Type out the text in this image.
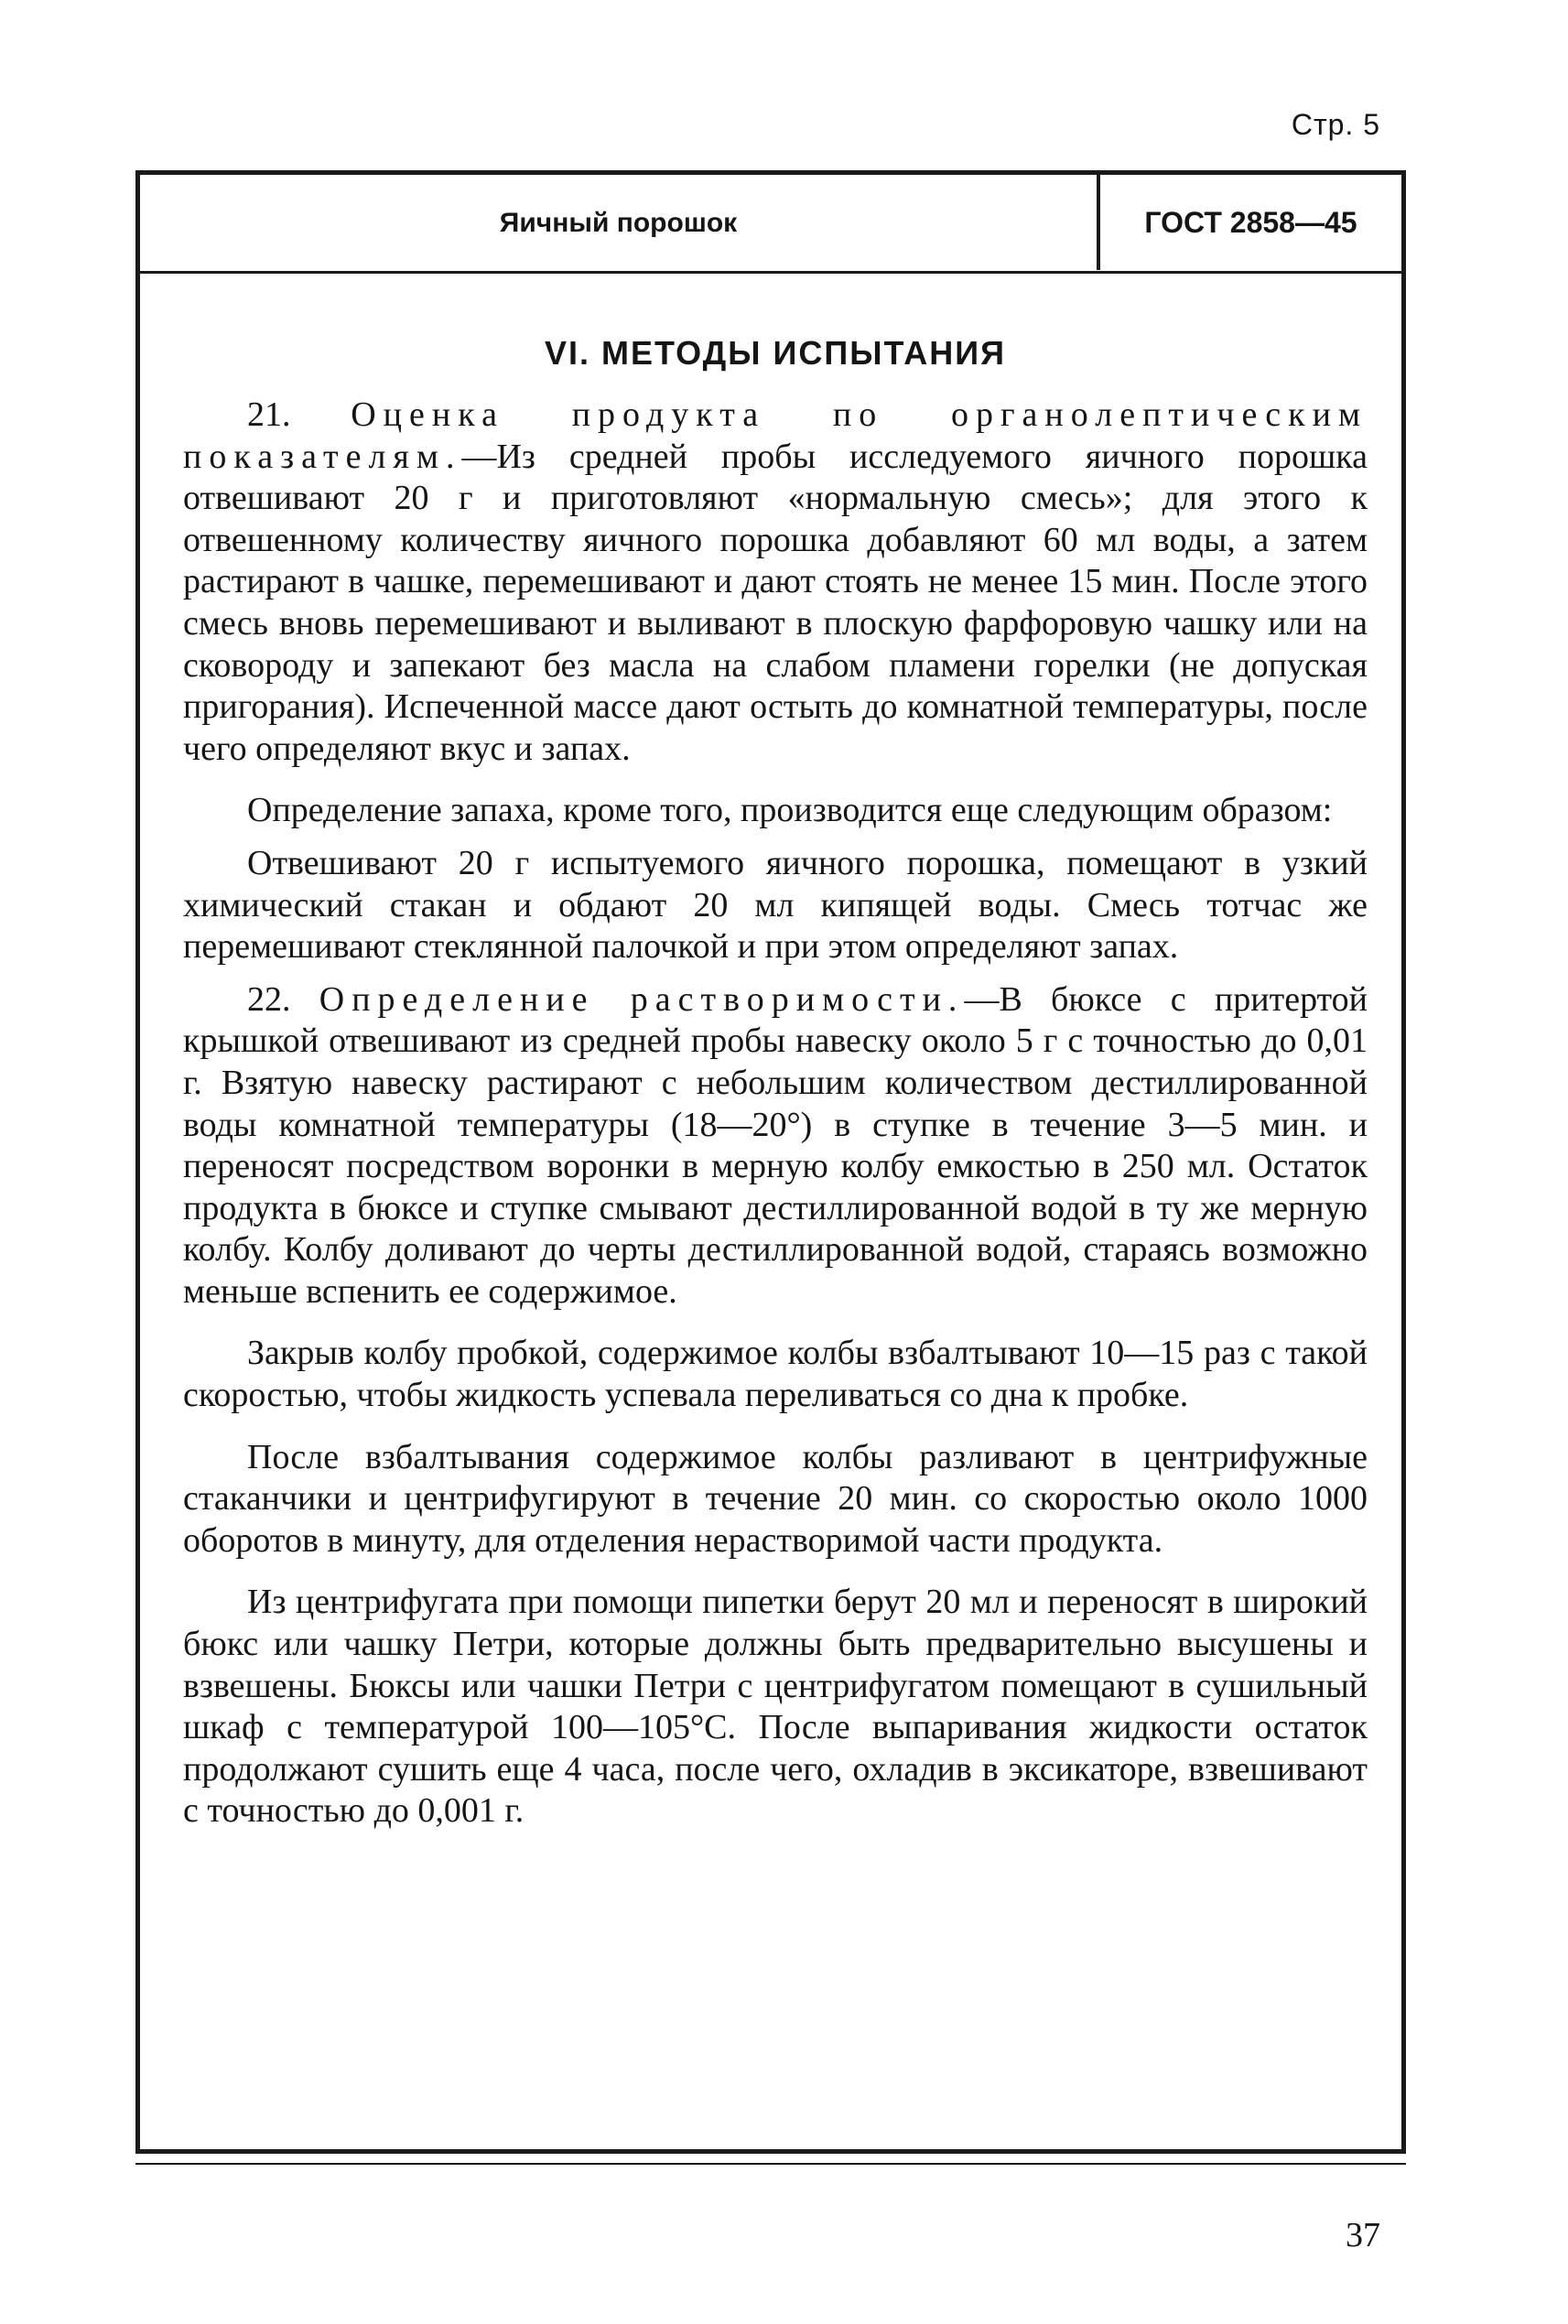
Стр. 5
Яичный порошок	ГОСТ 2858—45
VI. МЕТОДЫ ИСПЫТАНИЯ

21. Оценка продукта по органолептическим показателям.—Из средней пробы исследуемого яичного порошка отвешивают 20 г и приготовляют «нормальную смесь»; для этого к отвешенному количеству яичного порошка добавляют 60 мл воды, а затем растирают в чашке, перемешивают и дают стоять не менее 15 мин. После этого смесь вновь перемешивают и выливают в плоскую фарфоровую чашку или на сковороду и запекают без масла на слабом пламени горелки (не допуская пригорания). Испеченной массе дают остыть до комнатной температуры, после чего определяют вкус и запах.

Определение запаха, кроме того, производится еще следующим образом:

Отвешивают 20 г испытуемого яичного порошка, помещают в узкий химический стакан и обдают 20 мл кипящей воды. Смесь тотчас же перемешивают стеклянной палочкой и при этом определяют запах.

22. Определение растворимости.—В бюксе с притертой крышкой отвешивают из средней пробы навеску около 5 г с точностью до 0,01 г. Взятую навеску растирают с небольшим количеством дестиллированной воды комнатной температуры (18—20°) в ступке в течение 3—5 мин. и переносят посредством воронки в мерную колбу емкостью в 250 мл. Остаток продукта в бюксе и ступке смывают дестиллированной водой в ту же мерную колбу. Колбу доливают до черты дестиллированной водой, стараясь возможно меньше вспенить ее содержимое.

Закрыв колбу пробкой, содержимое колбы взбалтывают 10—15 раз с такой скоростью, чтобы жидкость успевала переливаться со дна к пробке.

После взбалтывания содержимое колбы разливают в центрифужные стаканчики и центрифугируют в течение 20 мин. со скоростью около 1000 оборотов в минуту, для отделения нерастворимой части продукта.

Из центрифугата при помощи пипетки берут 20 мл и переносят в широкий бюкс или чашку Петри, которые должны быть предварительно высушены и взвешены. Бюксы или чашки Петри с центрифугатом помещают в сушильный шкаф с температурой 100—105°С. После выпаривания жидкости остаток продолжают сушить еще 4 часа, после чего, охладив в эксикаторе, взвешивают с точностью до 0,001 г.

37
